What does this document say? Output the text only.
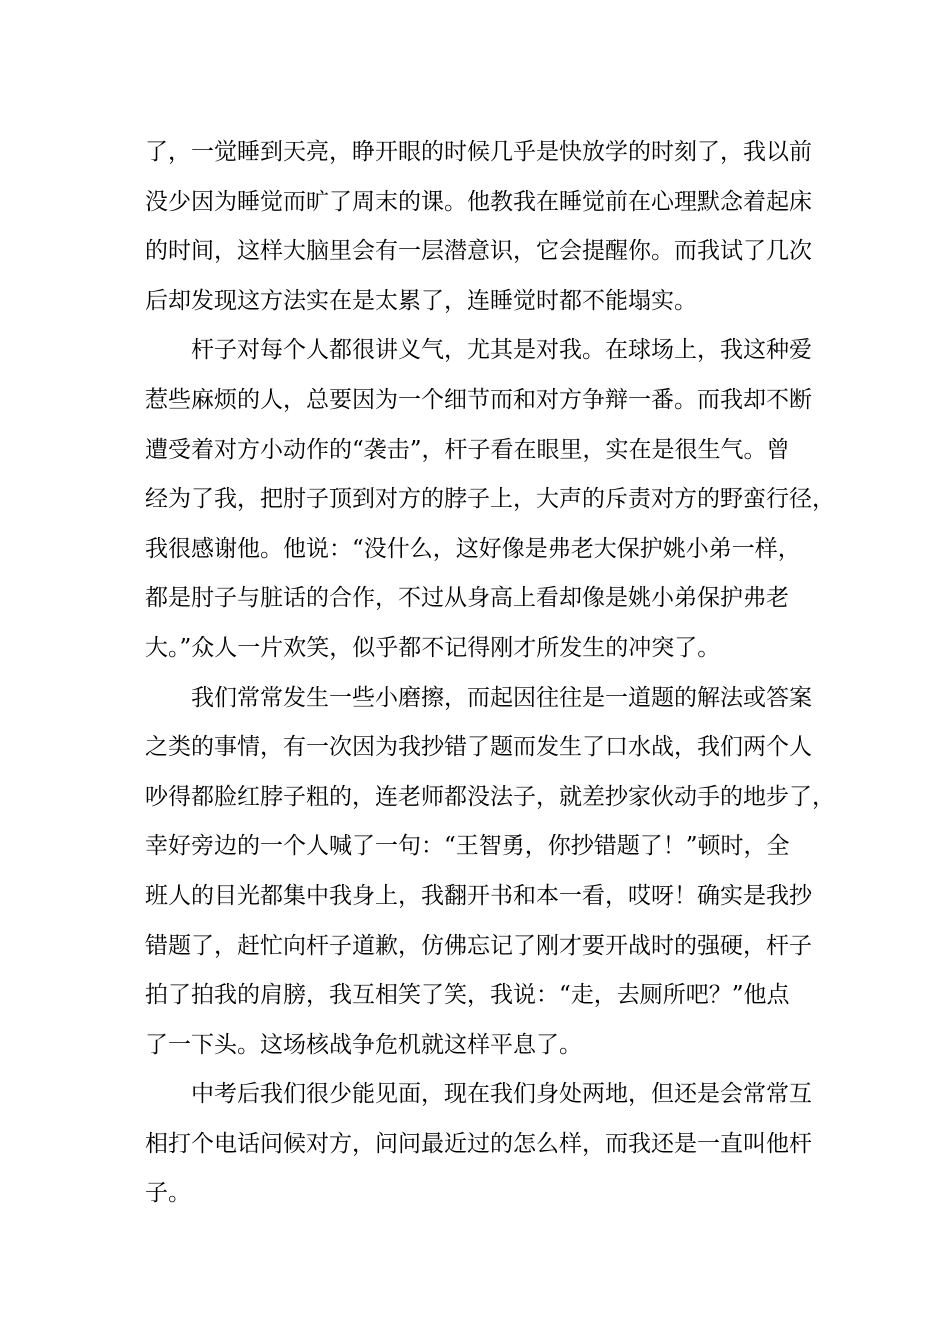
了，一觉睡到天亮，睁开眼的时候几乎是快放学的时刻了，我以前
没少因为睡觉而旷了周末的课。他教我在睡觉前在心理默念着起床
的时间，这样大脑里会有一层潜意识，它会提醒你。而我试了几次
后却发现这方法实在是太累了，连睡觉时都不能塌实。
杆子对每个人都很讲义气，尤其是对我。在球场上，我这种爱
惹些麻烦的人，总要因为一个细节而和对方争辩一番。而我却不断
遭受着对方小动作的“袭击”，杆子看在眼里，实在是很生气。曾
经为了我，把肘子顶到对方的脖子上，大声的斥责对方的野蛮行径，
我很感谢他。他说：“没什么，这好像是弗老大保护姚小弟一样，
都是肘子与脏话的合作，不过从身高上看却像是姚小弟保护弗老
大。”众人一片欢笑，似乎都不记得刚才所发生的冲突了。
我们常常发生一些小磨擦，而起因往往是一道题的解法或答案
之类的事情，有一次因为我抄错了题而发生了口水战，我们两个人
吵得都脸红脖子粗的，连老师都没法子，就差抄家伙动手的地步了，
幸好旁边的一个人喊了一句：“王智勇，你抄错题了！”顿时，全
班人的目光都集中我身上，我翻开书和本一看，哎呀！确实是我抄
错题了，赶忙向杆子道歉，仿佛忘记了刚才要开战时的强硬，杆子
拍了拍我的肩膀，我互相笑了笑，我说：“走，去厕所吧？”他点
了一下头。这场核战争危机就这样平息了。
中考后我们很少能见面，现在我们身处两地，但还是会常常互
相打个电话问候对方，问问最近过的怎么样，而我还是一直叫他杆
子。
